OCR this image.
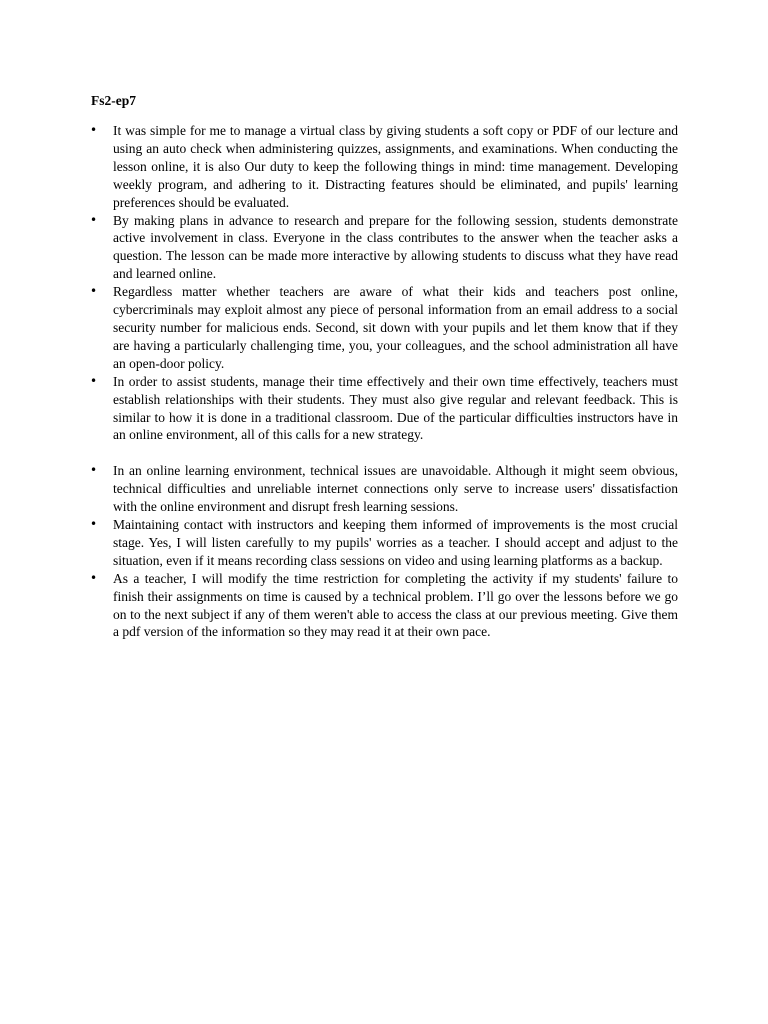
Fs2-ep7
• It was simple for me to manage a virtual class by giving students a soft copy or PDF of our lecture and using an auto check when administering quizzes, assignments, and examinations. When conducting the lesson online, it is also Our duty to keep the following things in mind: time management. Developing weekly program, and adhering to it. Distracting features should be eliminated, and pupils' learning preferences should be evaluated.
• By making plans in advance to research and prepare for the following session, students demonstrate active involvement in class. Everyone in the class contributes to the answer when the teacher asks a question. The lesson can be made more interactive by allowing students to discuss what they have read and learned online.
• Regardless matter whether teachers are aware of what their kids and teachers post online, cybercriminals may exploit almost any piece of personal information from an email address to a social security number for malicious ends. Second, sit down with your pupils and let them know that if they are having a particularly challenging time, you, your colleagues, and the school administration all have an open-door policy.
• In order to assist students, manage their time effectively and their own time effectively, teachers must establish relationships with their students. They must also give regular and relevant feedback. This is similar to how it is done in a traditional classroom. Due of the particular difficulties instructors have in an online environment, all of this calls for a new strategy.
• In an online learning environment, technical issues are unavoidable. Although it might seem obvious, technical difficulties and unreliable internet connections only serve to increase users' dissatisfaction with the online environment and disrupt fresh learning sessions.
• Maintaining contact with instructors and keeping them informed of improvements is the most crucial stage. Yes, I will listen carefully to my pupils' worries as a teacher. I should accept and adjust to the situation, even if it means recording class sessions on video and using learning platforms as a backup.
• As a teacher, I will modify the time restriction for completing the activity if my students' failure to finish their assignments on time is caused by a technical problem. I’ll go over the lessons before we go on to the next subject if any of them weren't able to access the class at our previous meeting. Give them a pdf version of the information so they may read it at their own pace.
